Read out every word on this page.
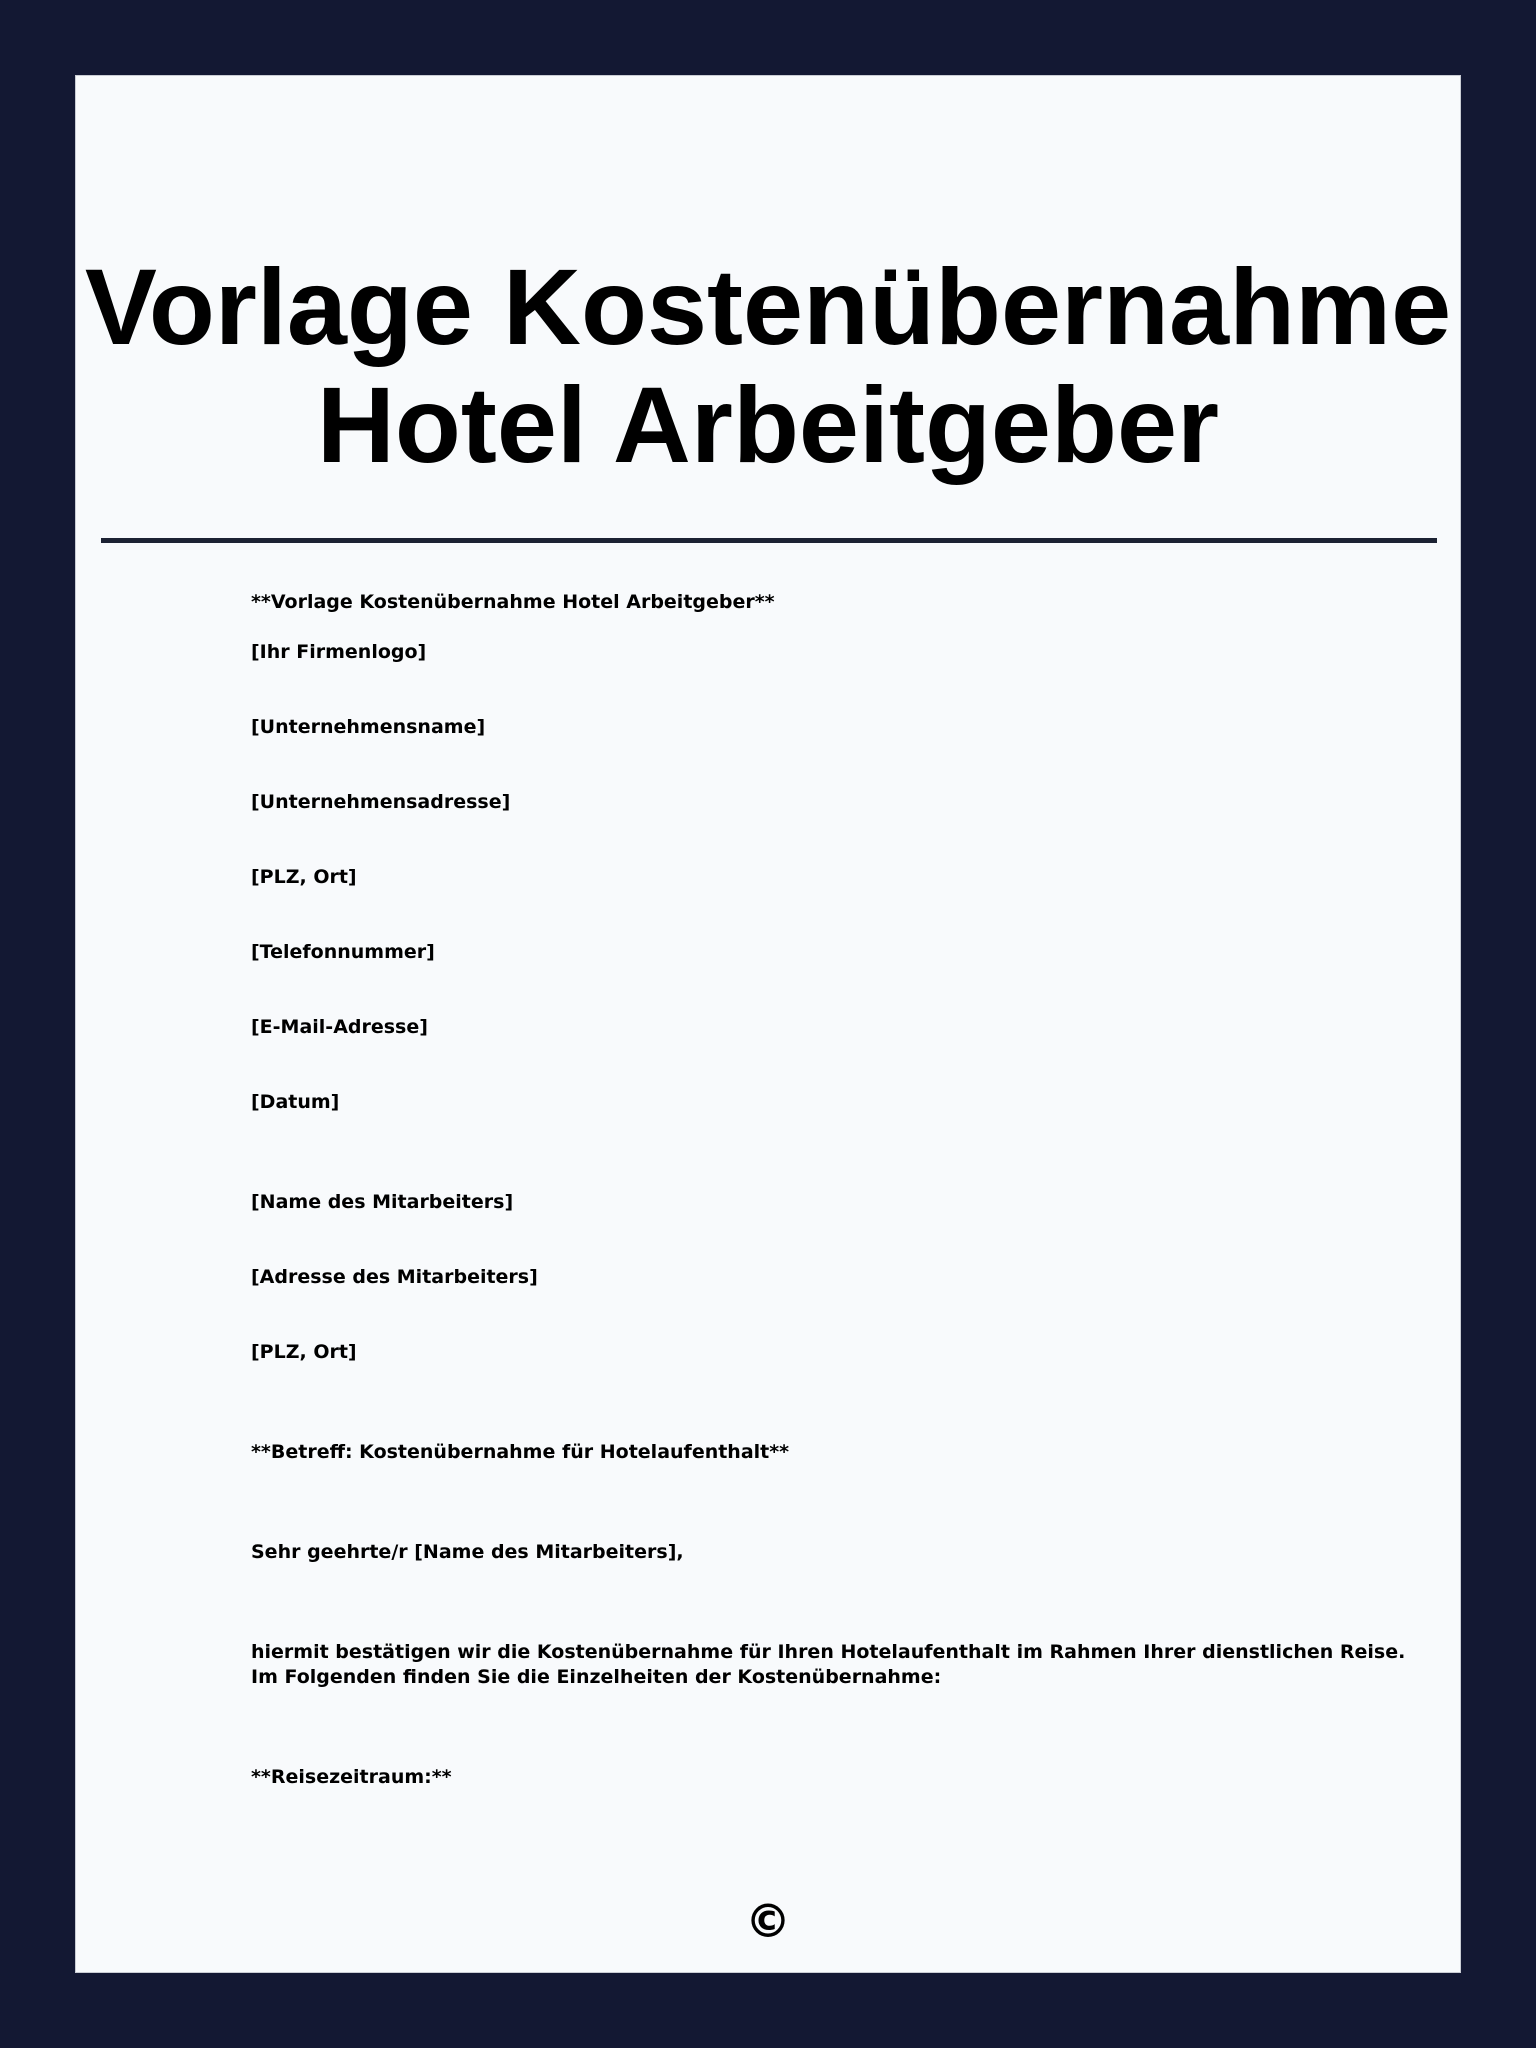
Vorlage Kostenübernahme
Hotel Arbeitgeber

**Vorlage Kostenübernahme Hotel Arbeitgeber**

[Ihr Firmenlogo]

[Unternehmensname]

[Unternehmensadresse]

[PLZ, Ort]

[Telefonnummer]

[E-Mail-Adresse]

[Datum]

[Name des Mitarbeiters]

[Adresse des Mitarbeiters]

[PLZ, Ort]

**Betreff: Kostenübernahme für Hotelaufenthalt**

Sehr geehrte/r [Name des Mitarbeiters],

hiermit bestätigen wir die Kostenübernahme für Ihren Hotelaufenthalt im Rahmen Ihrer dienstlichen Reise.

Im Folgenden finden Sie die Einzelheiten der Kostenübernahme:

**Reisezeitraum:**

©
